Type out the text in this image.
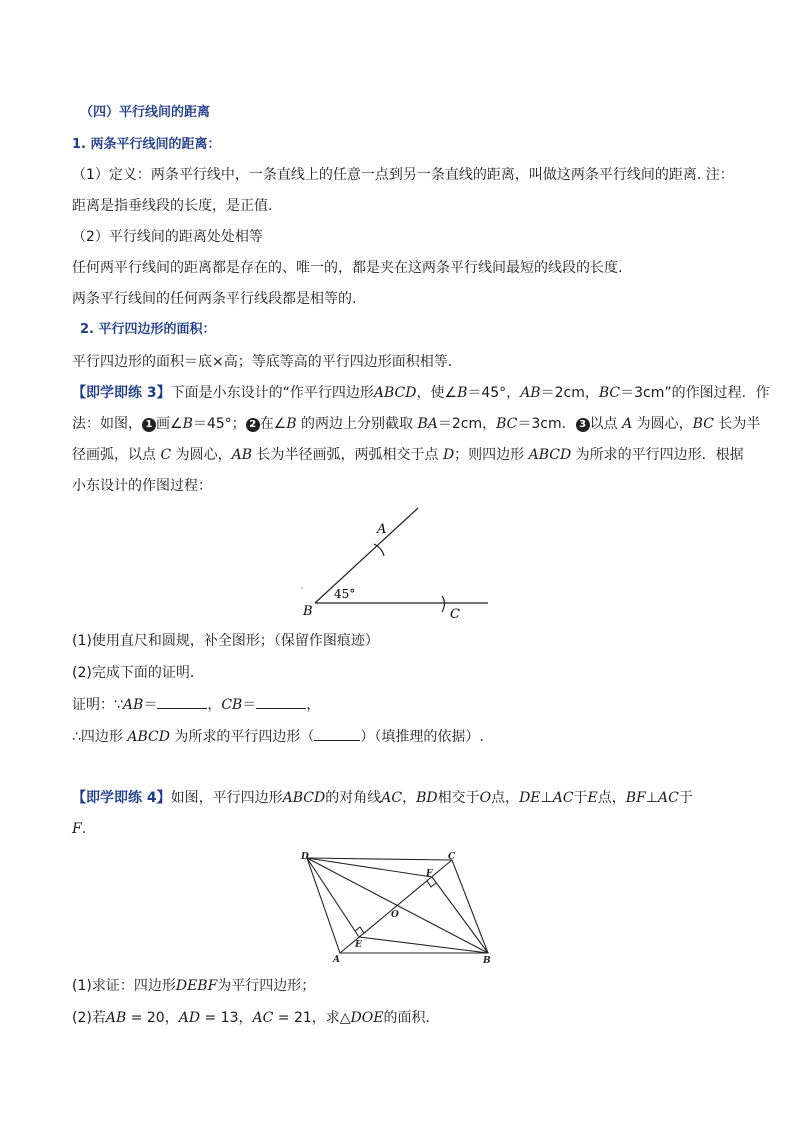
（四）平行线间的距离
1. 两条平行线间的距离：
（1）定义：两条平行线中，一条直线上的任意一点到另一条直线的距离，叫做这两条平行线间的距离. 注：
距离是指垂线段的长度，是正值.
（2）平行线间的距离处处相等
任何两平行线间的距离都是存在的、唯一的，都是夹在这两条平行线间最短的线段的长度.
两条平行线间的任何两条平行线段都是相等的.
2. 平行四边形的面积：
平行四边形的面积＝底×高；等底等高的平行四边形面积相等.
【即学即练 3】下面是小东设计的“作平行四边形ABCD，使∠B＝45°，AB＝2cm，BC＝3cm”的作图过程．作
法：如图， 1 画∠B＝45°； 2 在∠B 的两边上分别截取 BA＝2cm，BC＝3cm． 3 以点 A 为圆心，BC 长为半
径画弧，以点 C 为圆心，AB 长为半径画弧，两弧相交于点 D；则四边形 ABCD 为所求的平行四边形．根据
小东设计的作图过程：
A
B	C
45°
(1)使用直尺和圆规，补全图形；（保留作图痕迹）
(2)完成下面的证明．
证明：∵AB＝	，CB＝	，
∴四边形 ABCD 为所求的平行四边形（	）（填推理的依据）.
【即学即练 4】如图，平行四边形ABCD的对角线AC，BD相交于O点，DE⊥AC于E点，BF⊥AC于
F.
D	C
F
O
E
A	B
(1)求证：四边形DEBF为平行四边形；
(2)若AB = 20，AD = 13，AC = 21，求△DOE的面积．
